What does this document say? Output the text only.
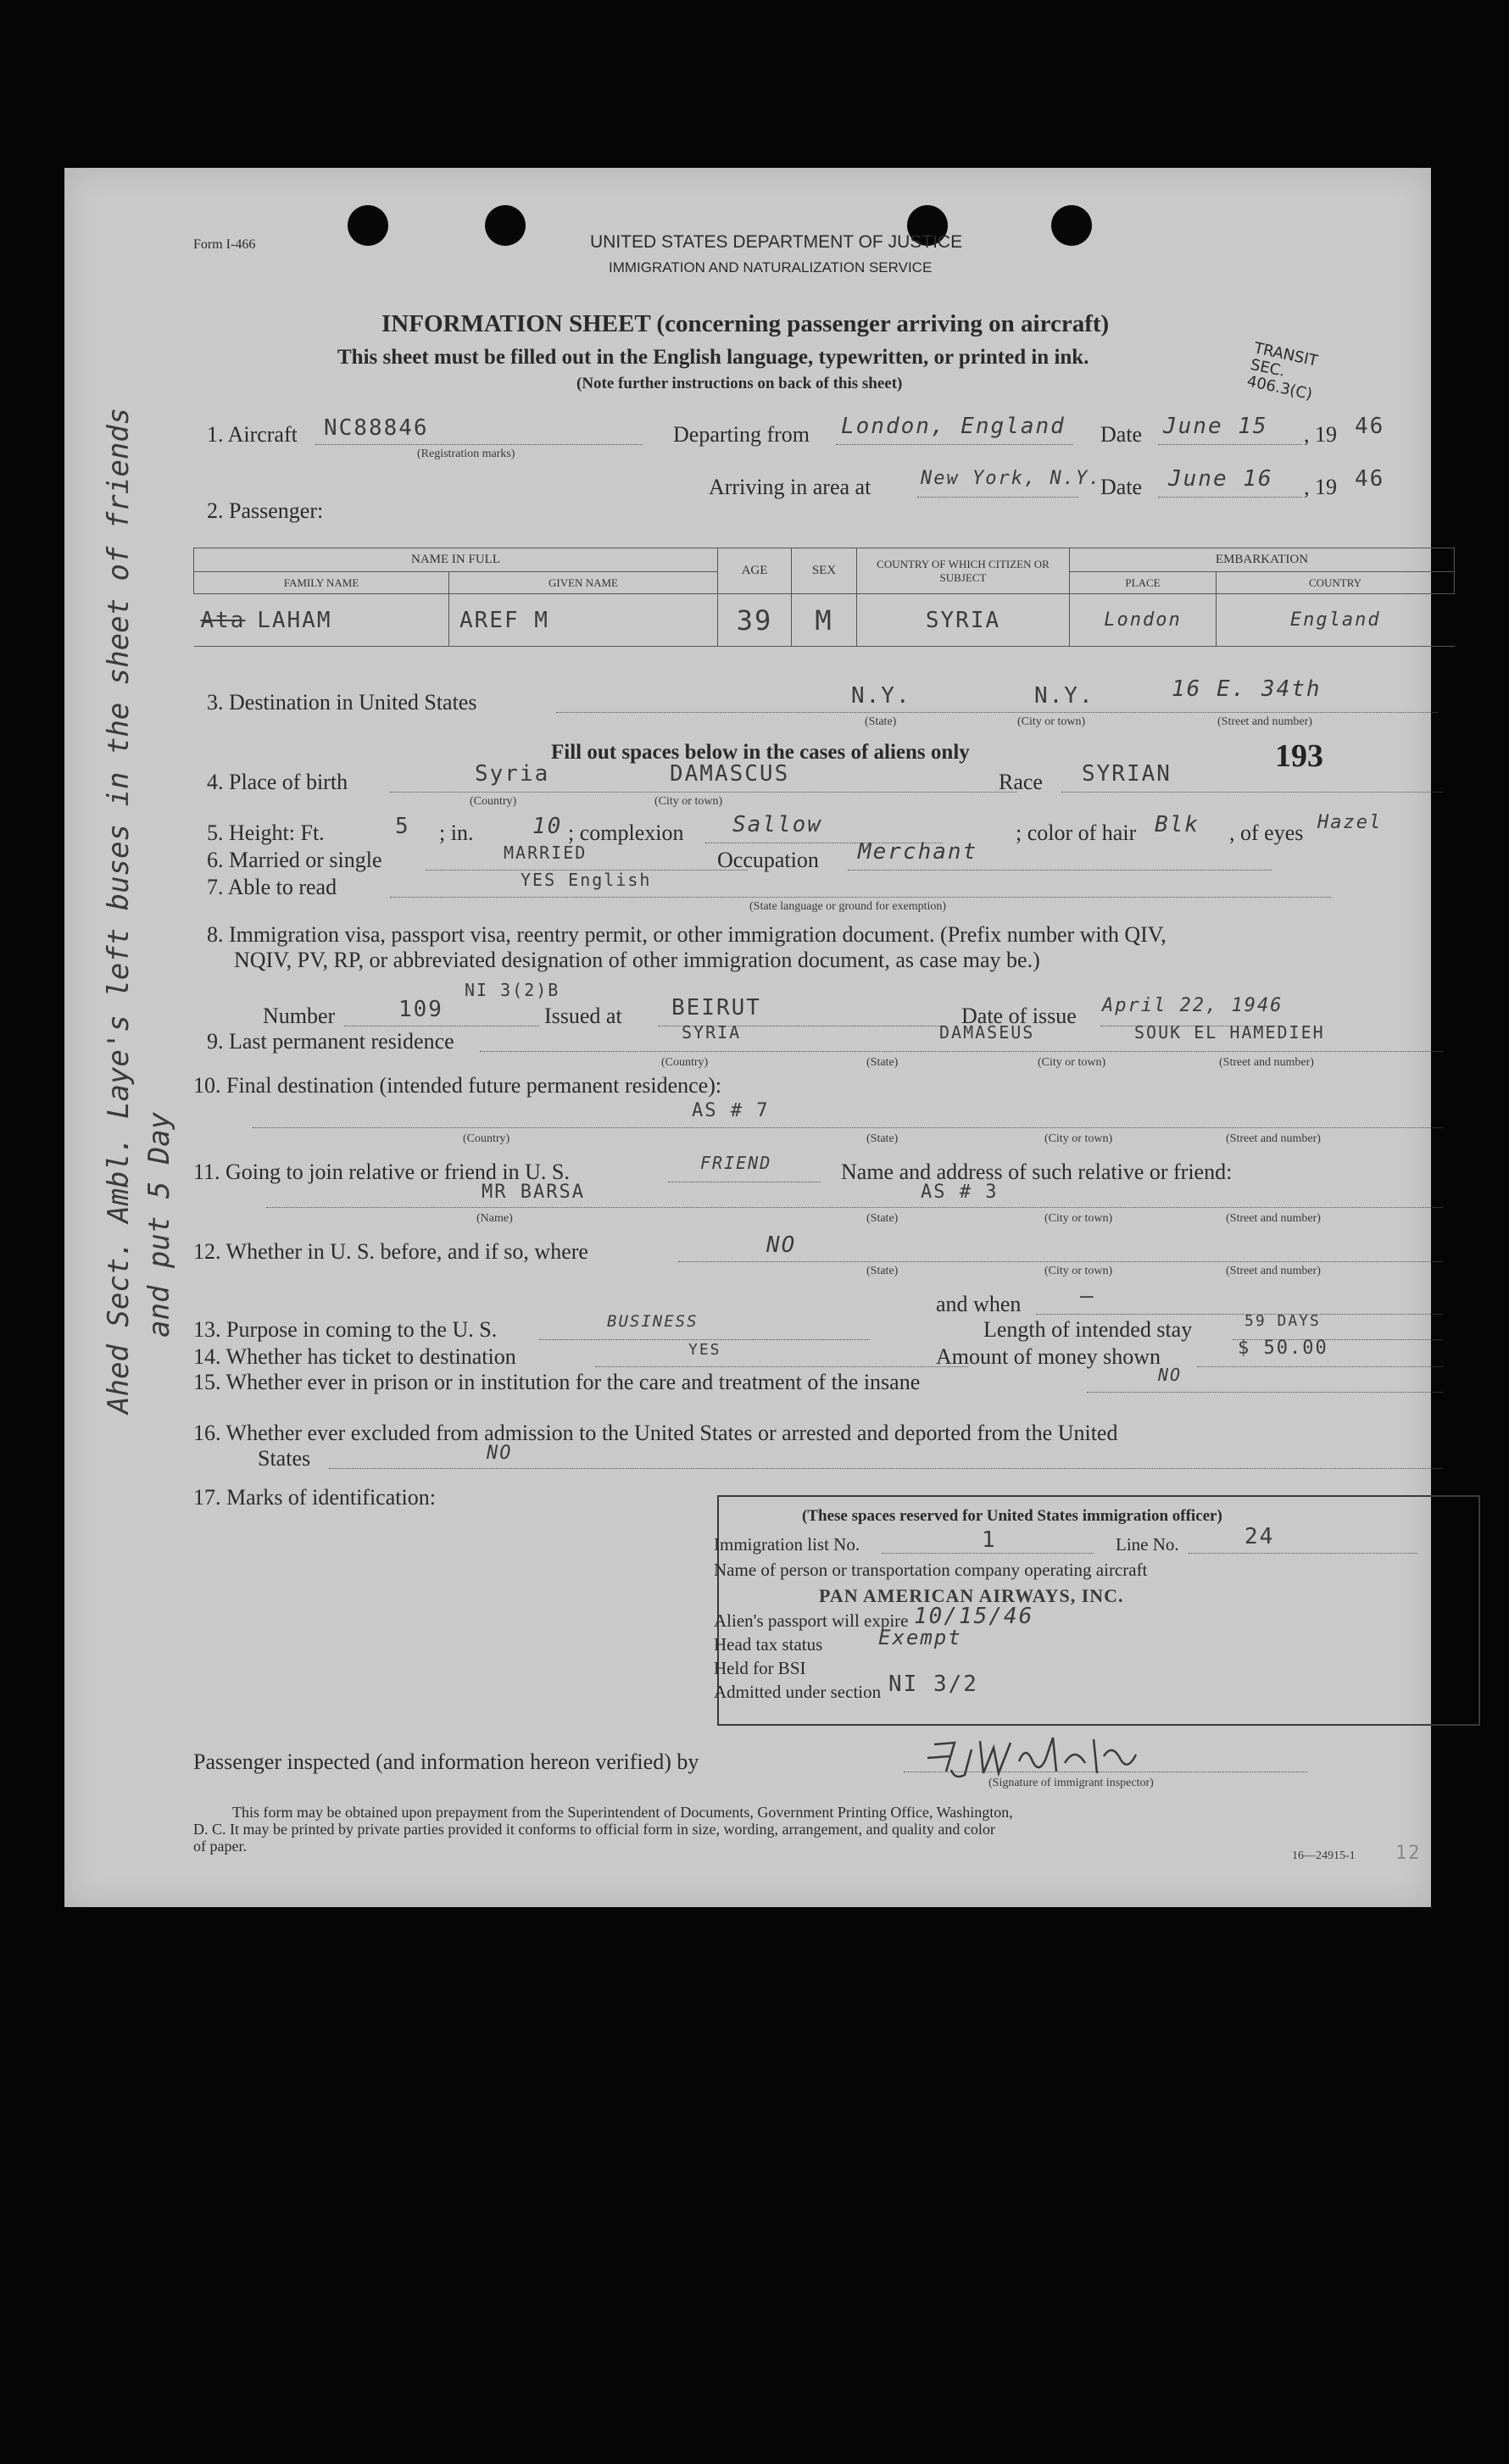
Form I-466	UNITED STATES DEPARTMENT OF JUSTICE
IMMIGRATION AND NATURALIZATION SERVICE
INFORMATION SHEET (concerning passenger arriving on aircraft)
This sheet must be filled out in the English language, typewritten, or printed in ink.
(Note further instructions on back of this sheet)
TRANSIT SEC. 406.3(C)
1. Aircraft NC88846
(Registration marks)
Departing from London, England Date June 15 , 19 46
Arriving in area at	New York, N.Y.
Date June 16 , 19 46
2. Passenger:
NAME IN FULL		AGE	SEX	COUNTRY OF WHICH CITIZEN OR SUBJECT	EMBARKATION	
FAMILY NAME	GIVEN NAME				PLACE	COUNTRY
Ata LAHAM	AREF M	39	M	SYRIA	London	England
3. Destination in United States	N.Y.	N.Y.	16 E. 34th
(State)	(City or town)	(Street and number)
Fill out spaces below in the cases of aliens only	193
4. Place of birth	Syria	DAMASCUS
(Country)	(City or town)
Race SYRIAN
5. Height: Ft.	5 ; in.	10 ; complexion Sallow	; color of hair Blk , of eyes Hazel
6. Married or single	MARRIED	Occupation Merchant
7. Able to read	YES English
(State language or ground for exemption)
8. Immigration visa, passport visa, reentry permit, or other immigration document. (Prefix number with QIV,
NQIV, PV, RP, or abbreviated designation of other immigration document, as case may be.)
NI 3(2)B
Number	109	Issued at BEIRUT	Date of issue April 22, 1946
9. Last permanent residence	SYRIA	DAMASEUS	SOUK EL HAMEDIEH
(Country)	(State)	(City or town)	(Street and number)
10. Final destination (intended future permanent residence):
AS # 7
(Country)	(State)	(City or town)	(Street and number)
11. Going to join relative or friend in U. S.	FRIEND	Name and address of such relative or friend:
MR BARSA	AS # 3
(Name)	(State)	(City or town)	(Street and number)
12. Whether in U. S. before, and if so, where	NO
(State)	(City or town)	(Street and number)
and when	—
13. Purpose in coming to the U. S.	BUSINESS	Length of intended stay	59 DAYS
14. Whether has ticket to destination	YES	Amount of money shown	$ 50.00
15. Whether ever in prison or in institution for the care and treatment of the insane	NO
16. Whether ever excluded from admission to the United States or arrested and deported from the United
States	NO
17. Marks of identification:
(These spaces reserved for United States immigration officer)
Immigration list No.	1	Line No.	24
Name of person or transportation company operating aircraft
PAN AMERICAN AIRWAYS, INC.
Alien's passport will expire 10/15/46
Head tax status	Exempt
Held for BSI
Admitted under section NI 3/2
Passenger inspected (and information hereon verified) by
(Signature of immigrant inspector)
This form may be obtained upon prepayment from the Superintendent of Documents, Government Printing Office, Washington,
D. C. It may be printed by private parties provided it conforms to official form in size, wording, arrangement, and quality and color
of paper.
16—24915-1 12
Ahed Sect. Ambl. Laye's left buses in the sheet of friends and put 5 Day
